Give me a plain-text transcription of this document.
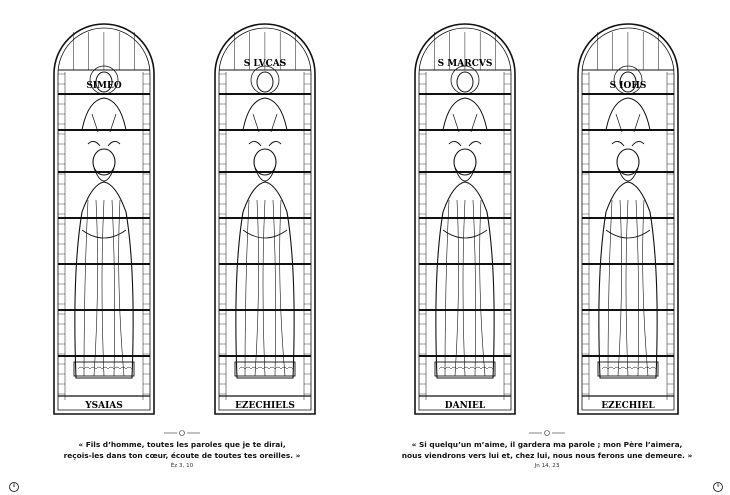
SIMEO
YSAIAS
S LVCAS
EZECHIELS
« Fils d’homme, toutes les paroles que je te dirai,
reçois-les dans ton cœur, écoute de toutes tes oreilles. »
Éz 3, 10
8
S MARCVS
DANIEL
S IOHS
EZECHIEL
« Si quelqu’un m’aime, il gardera ma parole ; mon Père l’aimera,
nous viendrons vers lui et, chez lui, nous nous ferons une demeure. »
Jn 14, 23
9
